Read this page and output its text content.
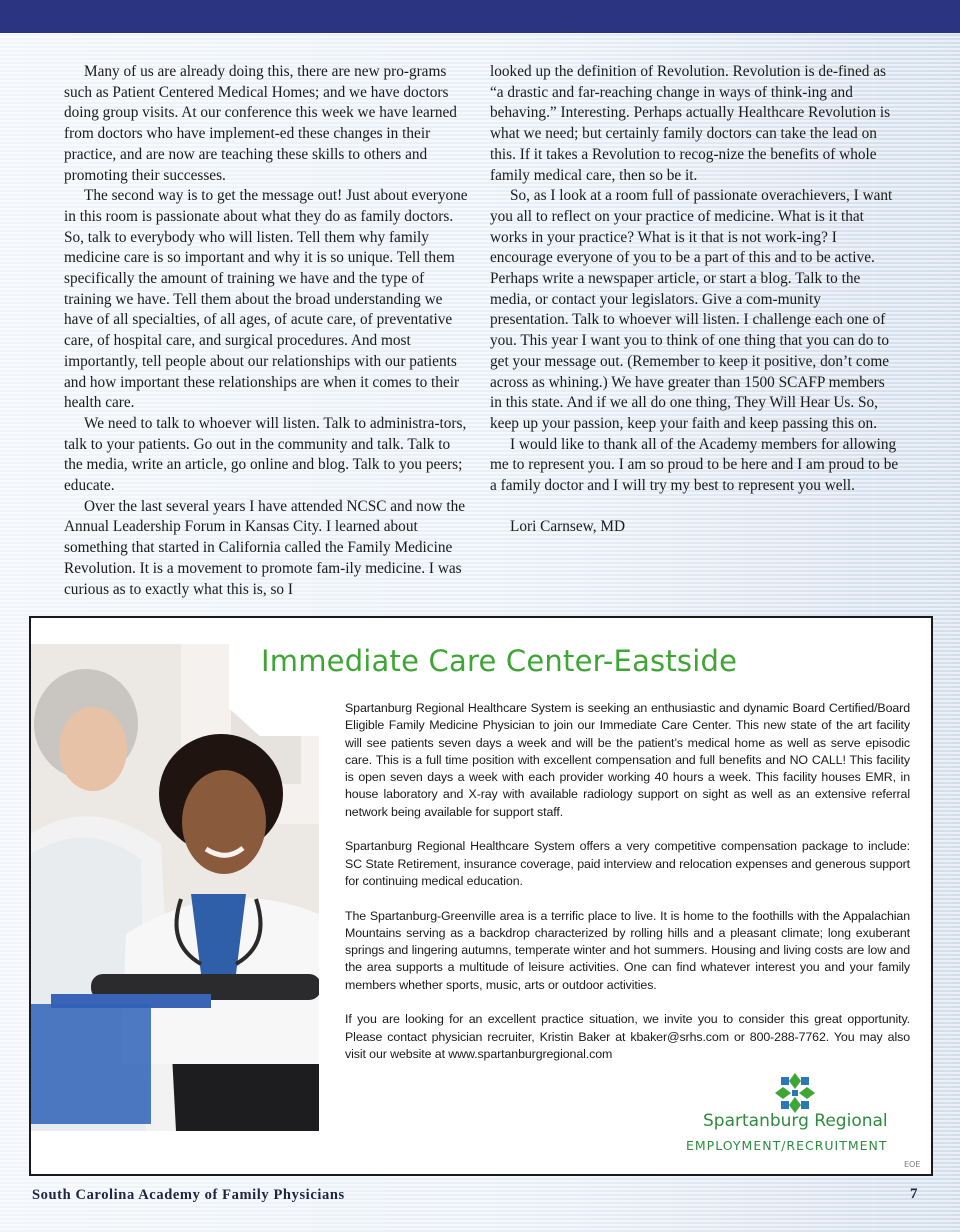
Many of us are already doing this, there are new pro-grams such as Patient Centered Medical Homes; and we have doctors doing group visits. At our conference this week we have learned from doctors who have implement-ed these changes in their practice, and are now are teaching these skills to others and promoting their successes.

The second way is to get the message out! Just about everyone in this room is passionate about what they do as family doctors. So, talk to everybody who will listen. Tell them why family medicine care is so important and why it is so unique. Tell them specifically the amount of training we have and the type of training we have. Tell them about the broad understanding we have of all specialties, of all ages, of acute care, of preventative care, of hospital care, and surgical procedures. And most importantly, tell people about our relationships with our patients and how important these relationships are when it comes to their health care.

We need to talk to whoever will listen. Talk to administra-tors, talk to your patients. Go out in the community and talk. Talk to the media, write an article, go online and blog. Talk to you peers; educate.

Over the last several years I have attended NCSC and now the Annual Leadership Forum in Kansas City. I learned about something that started in California called the Family Medicine Revolution. It is a movement to promote fam-ily medicine. I was curious as to exactly what this is, so I

looked up the definition of Revolution. Revolution is de-fined as “a drastic and far-reaching change in ways of think-ing and behaving.” Interesting. Perhaps actually Healthcare Revolution is what we need; but certainly family doctors can take the lead on this. If it takes a Revolution to recog-nize the benefits of whole family medical care, then so be it.

So, as I look at a room full of passionate overachievers, I want you all to reflect on your practice of medicine. What is it that works in your practice? What is it that is not work-ing? I encourage everyone of you to be a part of this and to be active. Perhaps write a newspaper article, or start a blog. Talk to the media, or contact your legislators. Give a com-munity presentation. Talk to whoever will listen. I challenge each one of you. This year I want you to think of one thing that you can do to get your message out. (Remember to keep it positive, don’t come across as whining.) We have greater than 1500 SCAFP members in this state. And if we all do one thing, They Will Hear Us. So, keep up your passion, keep your faith and keep passing this on.

I would like to thank all of the Academy members for allowing me to represent you. I am so proud to be here and I am proud to be a family doctor and I will try my best to represent you well.

Lori Carnsew, MD

Immediate Care Center-Eastside

Spartanburg Regional Healthcare System is seeking an enthusiastic and dynamic Board Certified/Board Eligible Family Medicine Physician to join our Immediate Care Center. This new state of the art facility will see patients seven days a week and will be the patient’s medical home as well as serve episodic care. This is a full time position with excellent compensation and full benefits and NO CALL! This facility is open seven days a week with each provider working 40 hours a week. This facility houses EMR, in house laboratory and X-ray with available radiology support on sight as well as an extensive referral network being available for support staff.

Spartanburg Regional Healthcare System offers a very competitive compensation package to include: SC State Retirement, insurance coverage, paid interview and relocation expenses and generous support for continuing medical education.

The Spartanburg-Greenville area is a terrific place to live. It is home to the foothills with the Appalachian Mountains serving as a backdrop characterized by rolling hills and a pleasant climate; long exuberant springs and lingering autumns, temperate winter and hot summers. Housing and living costs are low and the area supports a multitude of leisure activities. One can find whatever interest you and your family members whether sports, music, arts or outdoor activities.

If you are looking for an excellent practice situation, we invite you to consider this great opportunity. Please contact physician recruiter, Kristin Baker at kbaker@srhs.com or 800-288-7762. You may also visit our website at www.spartanburgregional.com

Spartanburg Regional
EMPLOYMENT/RECRUITMENT
EOE
South Carolina Academy of Family Physicians	7
